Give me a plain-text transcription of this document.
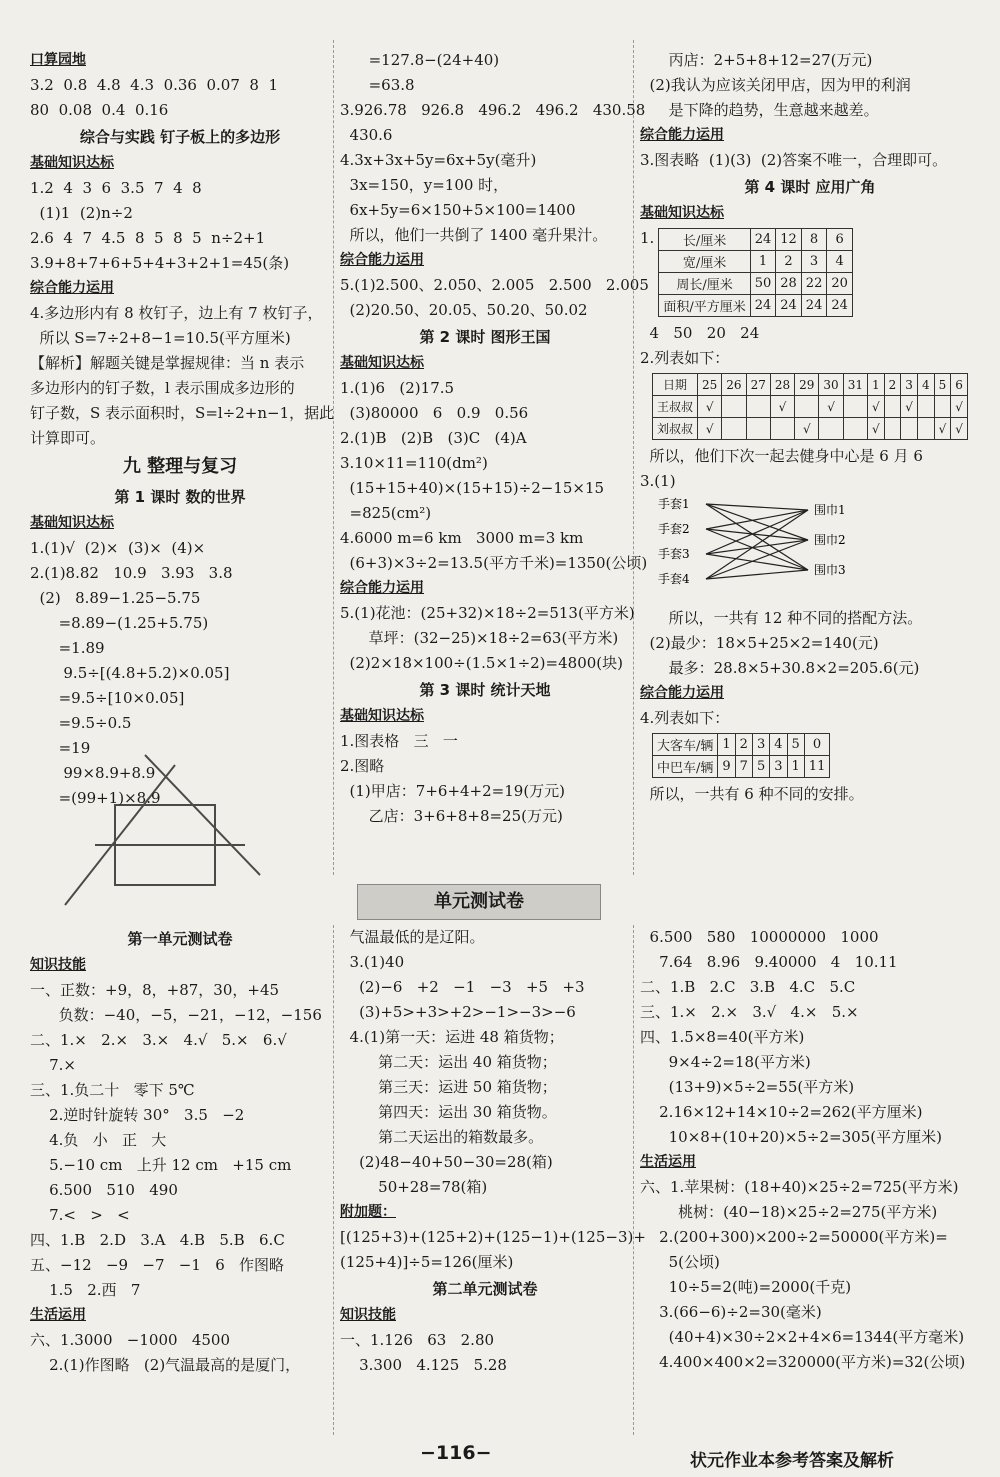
口算园地
3.2  0.8  4.8  4.3  0.36  0.07  8  1
80  0.08  0.4  0.16
综合与实践 钉子板上的多边形
基础知识达标
1.2  4  3  6  3.5  7  4  8
(1)1  (2)n÷2
2.6  4  7  4.5  8  5  8  5  n÷2+1
3.9+8+7+6+5+4+3+2+1=45(条)
综合能力运用
4.多边形内有 8 枚钉子，边上有 7 枚钉子，
所以 S=7÷2+8−1=10.5(平方厘米)
【解析】解题关键是掌握规律：当 n 表示
多边形内的钉子数，l 表示围成多边形的
钉子数，S 表示面积时，S=l÷2+n−1，据此
计算即可。
九 整理与复习
第 1 课时 数的世界
基础知识达标
1.(1)√  (2)×  (3)×  (4)×
2.(1)8.82   10.9   3.93   3.8
(2)   8.89−1.25−5.75
=8.89−(1.25+5.75)
=1.89
9.5÷[(4.8+5.2)×0.05]
=9.5÷[10×0.05]
=9.5÷0.5
=19
99×8.9+8.9
=(99+1)×8.9
=127.8−(24+40)
=63.8
3.926.78   926.8   496.2   496.2   430.58
430.6
4.3x+3x+5y=6x+5y(毫升)
3x=150，y=100 时，
6x+5y=6×150+5×100=1400
所以，他们一共倒了 1400 毫升果汁。
综合能力运用
5.(1)2.500、2.050、2.005   2.500   2.005
(2)20.50、20.05、50.20、50.02
第 2 课时 图形王国
基础知识达标
1.(1)6   (2)17.5
(3)80000   6   0.9   0.56
2.(1)B   (2)B   (3)C   (4)A
3.10×11=110(dm²)
(15+15+40)×(15+15)÷2−15×15
=825(cm²)
4.6000 m=6 km   3000 m=3 km
(6+3)×3÷2=13.5(平方千米)=1350(公顷)
综合能力运用
5.(1)花池：(25+32)×18÷2=513(平方米)
草坪：(32−25)×18÷2=63(平方米)
(2)2×18×100÷(1.5×1÷2)=4800(块)
第 3 课时 统计天地
基础知识达标
1.图表格   三   一
2.图略
(1)甲店：7+6+4+2=19(万元)
乙店：3+6+8+8=25(万元)
丙店：2+5+8+12=27(万元)
(2)我认为应该关闭甲店，因为甲的利润
是下降的趋势，生意越来越差。
综合能力运用
3.图表略  (1)(3)  (2)答案不唯一，合理即可。
第 4 课时 应用广角
基础知识达标
1. 长/厘米	24	12	8	6
宽/厘米	1	2	3	4
周长/厘米	50	28	22	20
面积/平方厘米	24	24	24	24
4   50   20   24
2.列表如下：
日期	25	26	27	28	29	30	31	1	2	3	4	5	6
王叔叔	√			√		√		√		√			√
刘叔叔	√				√			√				√	√
所以，他们下次一起去健身中心是 6 月 6
3.(1)
手套1
手套2
手套3
手套4
围巾1
围巾2
围巾3
所以，一共有 12 种不同的搭配方法。
(2)最少：18×5+25×2=140(元)
最多：28.8×5+30.8×2=205.6(元)
综合能力运用
4.列表如下：
大客车/辆	1	2	3	4	5	0
中巴车/辆	9	7	5	3	1	11
所以，一共有 6 种不同的安排。
单元测试卷
第一单元测试卷
知识技能
一、正数：+9，8，+87，30，+45
负数：−40，−5，−21，−12，−156
二、1.×   2.×   3.×   4.√   5.×   6.√
7.×
三、1.负二十   零下 5℃
2.逆时针旋转 30°   3.5   −2
4.负   小   正   大
5.−10 cm   上升 12 cm   +15 cm
6.500   510   490
7.<   >   <
四、1.B   2.D   3.A   4.B   5.B   6.C
五、−12   −9   −7   −1   6   作图略
1.5   2.西   7
生活运用
六、1.3000   −1000   4500
2.(1)作图略   (2)气温最高的是厦门，
气温最低的是辽阳。
3.(1)40
(2)−6   +2   −1   −3   +5   +3
(3)+5>+3>+2>−1>−3>−6
4.(1)第一天：运进 48 箱货物；
第二天：运出 40 箱货物；
第三天：运进 50 箱货物；
第四天：运出 30 箱货物。
第二天运出的箱数最多。
(2)48−40+50−30=28(箱)
50+28=78(箱)
附加题：
[(125+3)+(125+2)+(125−1)+(125−3)+
(125+4)]÷5=126(厘米)
第二单元测试卷
知识技能
一、1.126   63   2.80
3.300   4.125   5.28
6.500   580   10000000   1000
7.64   8.96   9.40000   4   10.11
二、1.B   2.C   3.B   4.C   5.C
三、1.×   2.×   3.√   4.×   5.×
四、1.5×8=40(平方米)
9×4÷2=18(平方米)
(13+9)×5÷2=55(平方米)
2.16×12+14×10÷2=262(平方厘米)
10×8+(10+20)×5÷2=305(平方厘米)
生活运用
六、1.苹果树：(18+40)×25÷2=725(平方米)
桃树：(40−18)×25÷2=275(平方米)
2.(200+300)×200÷2=50000(平方米)=
5(公顷)
10÷5=2(吨)=2000(千克)
3.(66−6)÷2=30(毫米)
(40+4)×30÷2×2+4×6=1344(平方毫米)
4.400×400×2=320000(平方米)=32(公顷)
−116−	状元作业本参考答案及解析
